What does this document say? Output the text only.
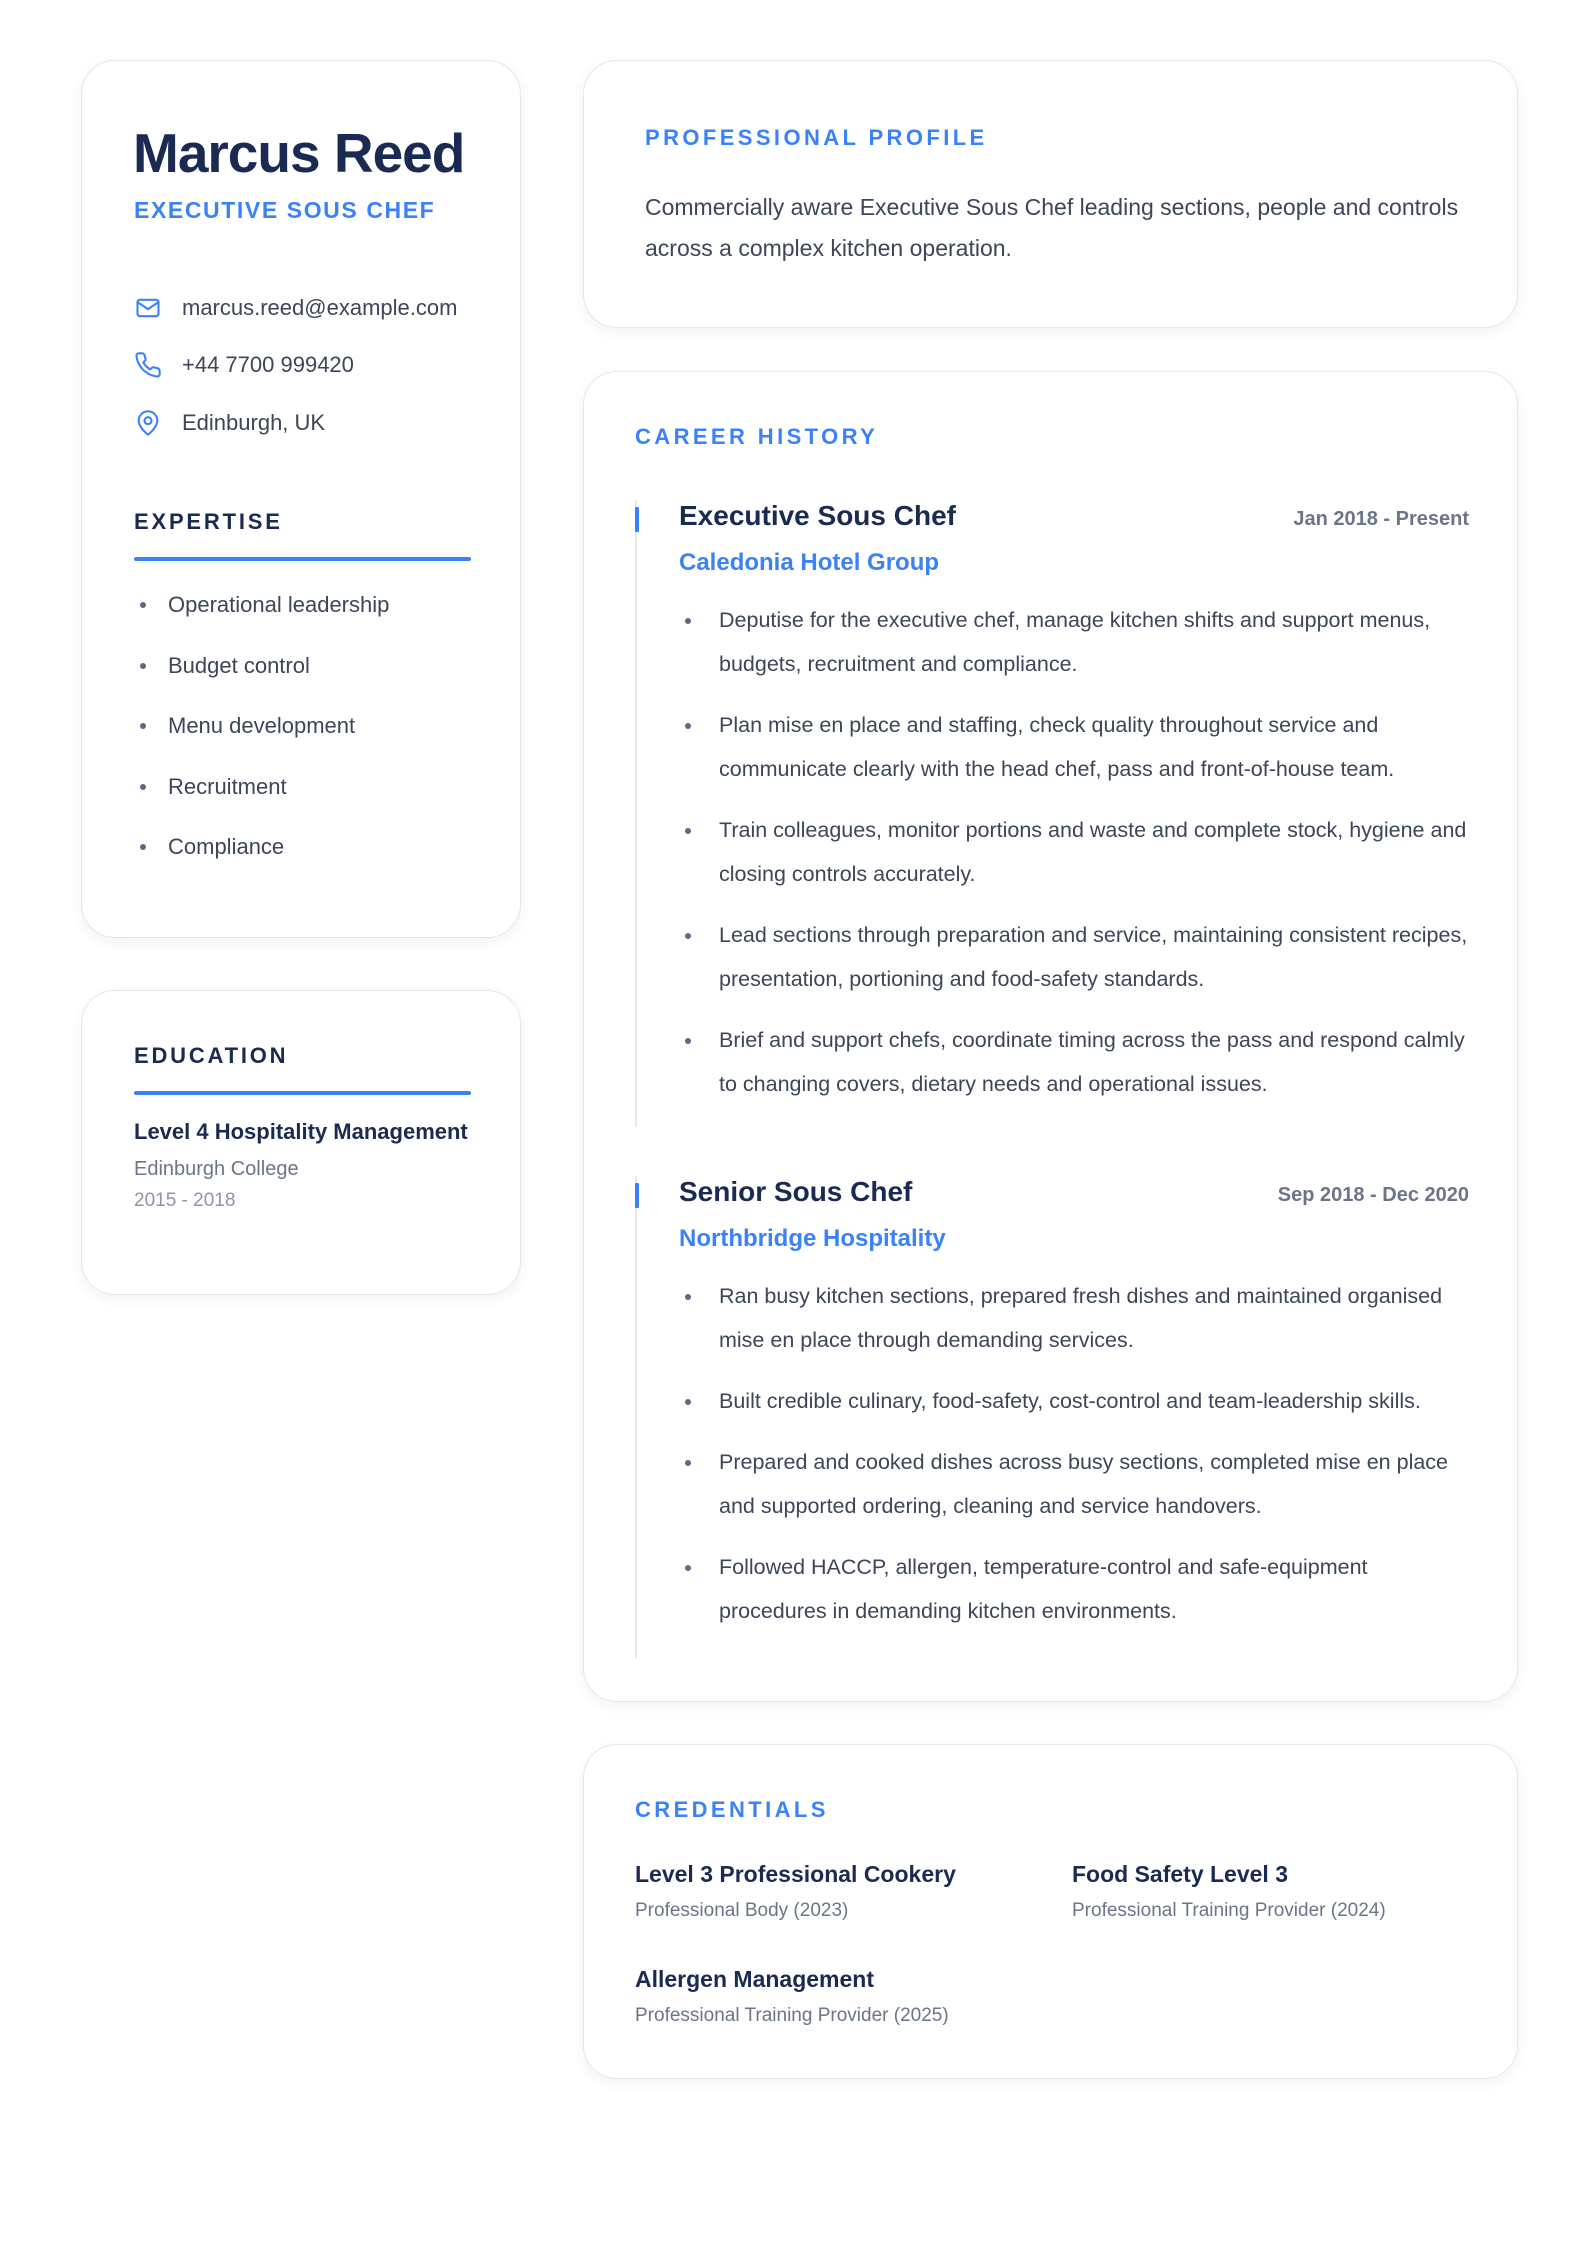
Marcus Reed
EXECUTIVE SOUS CHEF
marcus.reed@example.com
+44 7700 999420
Edinburgh, UK
EXPERTISE
Operational leadership
Budget control
Menu development
Recruitment
Compliance
EDUCATION
Level 4 Hospitality Management
Edinburgh College
2015 - 2018
PROFESSIONAL PROFILE

Commercially aware Executive Sous Chef leading sections, people and controls across a complex kitchen operation.

CAREER HISTORY
Executive Sous Chef	Jan 2018 - Present
Caledonia Hotel Group
Deputise for the executive chef, manage kitchen shifts and support menus, budgets, recruitment and compliance.
Plan mise en place and staffing, check quality throughout service and communicate clearly with the head chef, pass and front-of-house team.
Train colleagues, monitor portions and waste and complete stock, hygiene and closing controls accurately.
Lead sections through preparation and service, maintaining consistent recipes, presentation, portioning and food-safety standards.
Brief and support chefs, coordinate timing across the pass and respond calmly to changing covers, dietary needs and operational issues.
Senior Sous Chef	Sep 2018 - Dec 2020
Northbridge Hospitality
Ran busy kitchen sections, prepared fresh dishes and maintained organised mise en place through demanding services.
Built credible culinary, food-safety, cost-control and team-leadership skills.
Prepared and cooked dishes across busy sections, completed mise en place and supported ordering, cleaning and service handovers.
Followed HACCP, allergen, temperature-control and safe-equipment procedures in demanding kitchen environments.
CREDENTIALS
Level 3 Professional Cookery
Professional Body (2023)
Food Safety Level 3
Professional Training Provider (2024)
Allergen Management
Professional Training Provider (2025)
